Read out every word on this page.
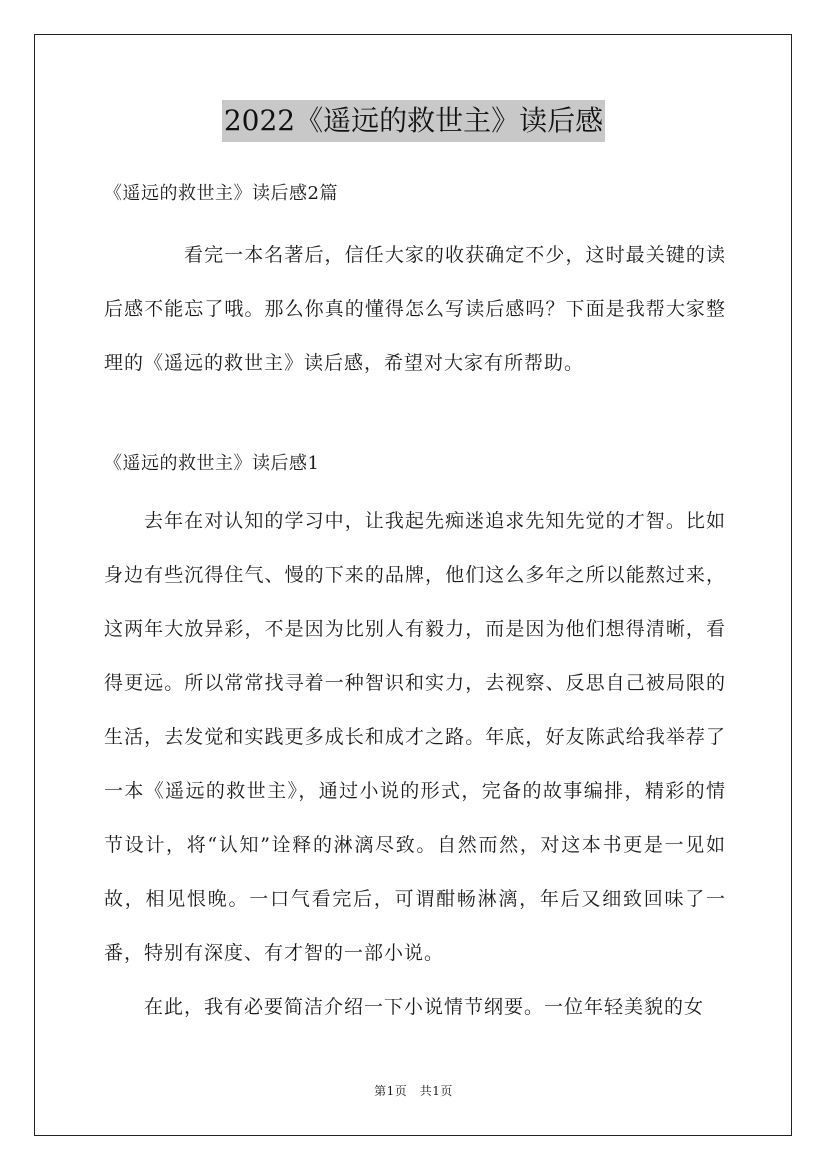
2022《遥远的救世主》读后感
《遥远的救世主》读后感2篇

看完一本名著后，信任大家的收获确定不少，这时最关键的读后感不能忘了哦。那么你真的懂得怎么写读后感吗？下面是我帮大家整理的《遥远的救世主》读后感，希望对大家有所帮助。

《遥远的救世主》读后感1

去年在对认知的学习中，让我起先痴迷追求先知先觉的才智。比如身边有些沉得住气、慢的下来的品牌，他们这么多年之所以能熬过来，这两年大放异彩，不是因为比别人有毅力，而是因为他们想得清晰，看得更远。所以常常找寻着一种智识和实力，去视察、反思自己被局限的生活，去发觉和实践更多成长和成才之路。年底，好友陈武给我举荐了一本《遥远的救世主》，通过小说的形式，完备的故事编排，精彩的情节设计，将“认知”诠释的淋漓尽致。自然而然，对这本书更是一见如故，相见恨晚。一口气看完后，可谓酣畅淋漓，年后又细致回味了一番，特别有深度、有才智的一部小说。

在此，我有必要简洁介绍一下小说情节纲要。一位年轻美貌的女

第1页　共1页
